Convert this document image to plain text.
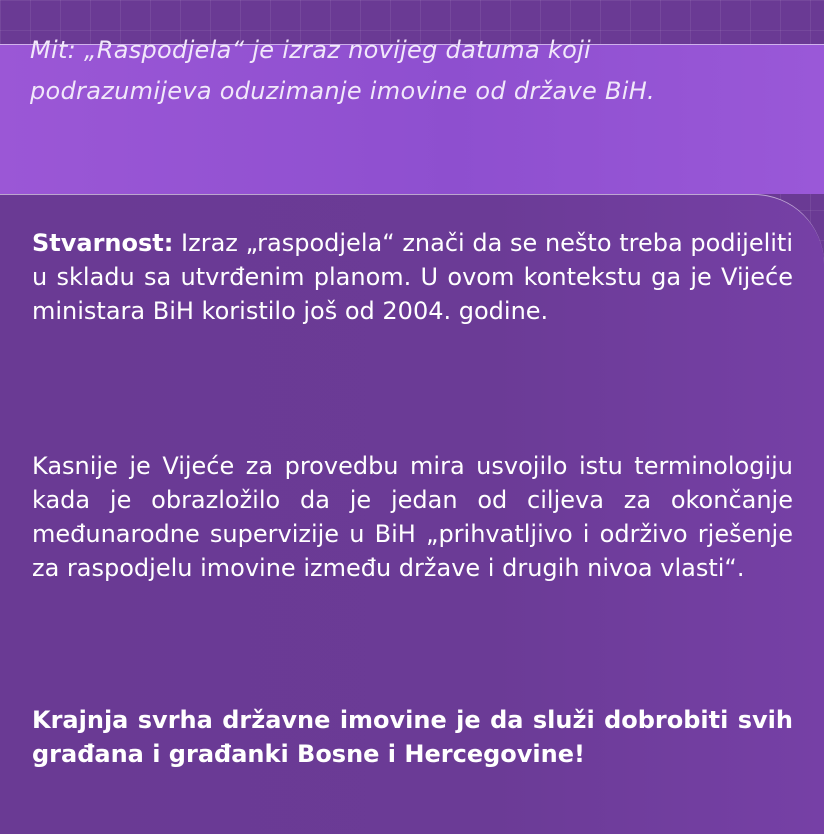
Mit: „Raspodjela“ je izraz novijeg datuma koji
podrazumijeva oduzimanje imovine od države BiH.

Stvarnost: Izraz „raspodjela“ znači da se nešto treba podijeliti u skladu sa utvrđenim planom. U ovom kontekstu ga je Vijeće ministara BiH koristilo još od 2004. godine.

Kasnije je Vijeće za provedbu mira usvojilo istu terminologiju kada je obrazložilo da je jedan od ciljeva za okončanje međunarodne supervizije u BiH „prihvatljivo i održivo rješenje za raspodjelu imovine između države i drugih nivoa vlasti“.

Krajnja svrha državne imovine je da služi dobrobiti svih građana i građanki Bosne i Hercegovine!
